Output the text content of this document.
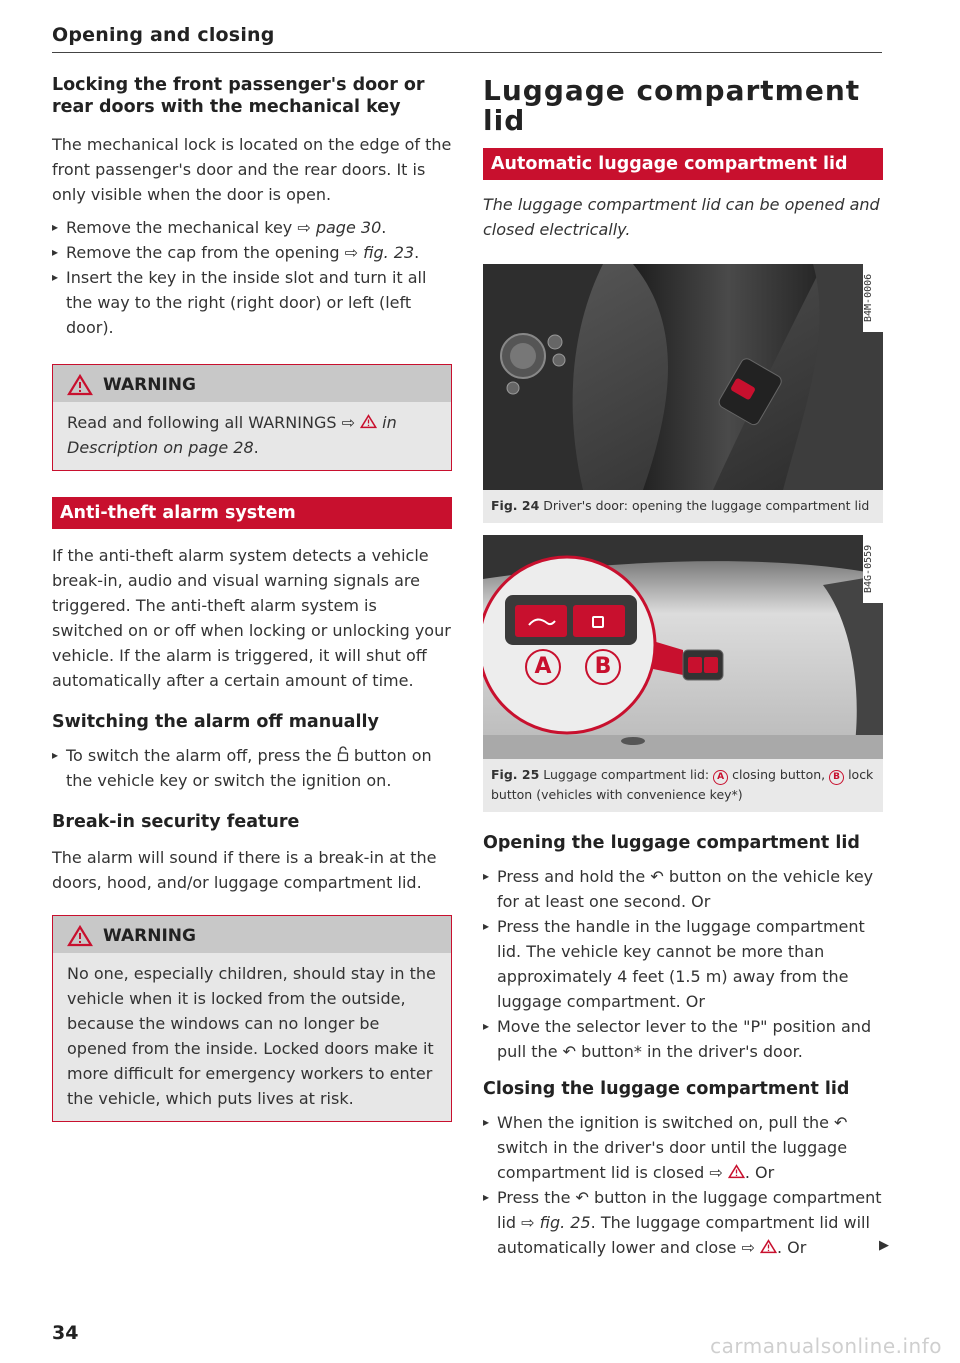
Opening and closing
Locking the front passenger's door or rear doors with the mechanical key

The mechanical lock is located on the edge of the front passenger's door and the rear doors. It is only visible when the door is open.

▸ Remove the mechanical key ⇨ page 30.
▸ Remove the cap from the opening ⇨ fig. 23.
▸ Insert the key in the inside slot and turn it all the way to the right (right door) or left (left door).
WARNING
Read and following all WARNINGS ⇨  in Description on page 28.
Anti-theft alarm system

If the anti-theft alarm system detects a vehicle break-in, audio and visual warning signals are triggered. The anti-theft alarm system is switched on or off when locking or unlocking your vehicle. If the alarm is triggered, it will shut off automatically after a certain amount of time.

Switching the alarm off manually
▸ To switch the alarm off, press the  button on the vehicle key or switch the ignition on.
Break-in security feature

The alarm will sound if there is a break-in at the doors, hood, and/or luggage compartment lid.

WARNING
No one, especially children, should stay in the vehicle when it is locked from the outside, because the windows can no longer be opened from the inside. Locked doors make it more difficult for emergency workers to enter the vehicle, which puts lives at risk.
Luggage compartment lid
Automatic luggage compartment lid

The luggage compartment lid can be opened and closed electrically.

B4M-0006
Fig. 24 Driver's door: opening the luggage compartment lid
A	B
B4G-0559
Fig. 25 Luggage compartment lid: A closing button, B lock button (vehicles with convenience key*)
Opening the luggage compartment lid
▸ Press and hold the ↶ button on the vehicle key for at least one second. Or
▸ Press the handle in the luggage compartment lid. The vehicle key cannot be more than approximately 4 feet (1.5 m) away from the luggage compartment. Or
▸ Move the selector lever to the "P" position and pull the ↶ button* in the driver's door.
Closing the luggage compartment lid
▸ When the ignition is switched on, pull the ↶ switch in the driver's door until the luggage compartment lid is closed ⇨ . Or
▸ Press the ↶ button in the luggage compartment lid ⇨ fig. 25. The luggage compartment lid will automatically lower and close ⇨ . Or	▶
34
carmanualsonline.info
